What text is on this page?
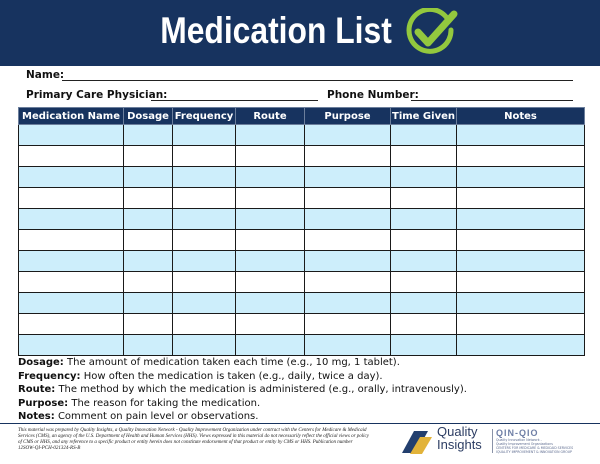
Medication List
Name:
Primary Care Physician:	Phone Number:
Medication Name	Dosage	Frequency	Route	Purpose	Time Given	Notes

Dosage: The amount of medication taken each time (e.g., 10 mg, 1 tablet).
Frequency: How often the medication is taken (e.g., daily, twice a day).
Route: The method by which the medication is administered (e.g., orally, intravenously).
Purpose: The reason for taking the medication.
Notes: Comment on pain level or observations.
This material was prepared by Quality Insights, a Quality Innovation Network - Quality Improvement Organization under contract with the Centers for Medicare & Medicaid Services (CMS), an agency of the U.S. Department of Health and Human Services (HHS). Views expressed in this material do not necessarily reflect the official views or policy of CMS or HHS, and any reference to a specific product or entity herein does not constitute endorsement of that product or entity by CMS or HHS. Publication number 12SOW-QI-PCH-021324-RS-B
Quality
Insights
QIN-QIO
Quality Innovation Network -
Quality Improvement Organizations
CENTERS FOR MEDICARE & MEDICAID SERVICES
IQUALITY IMPROVEMENT & INNOVATION GROUP
